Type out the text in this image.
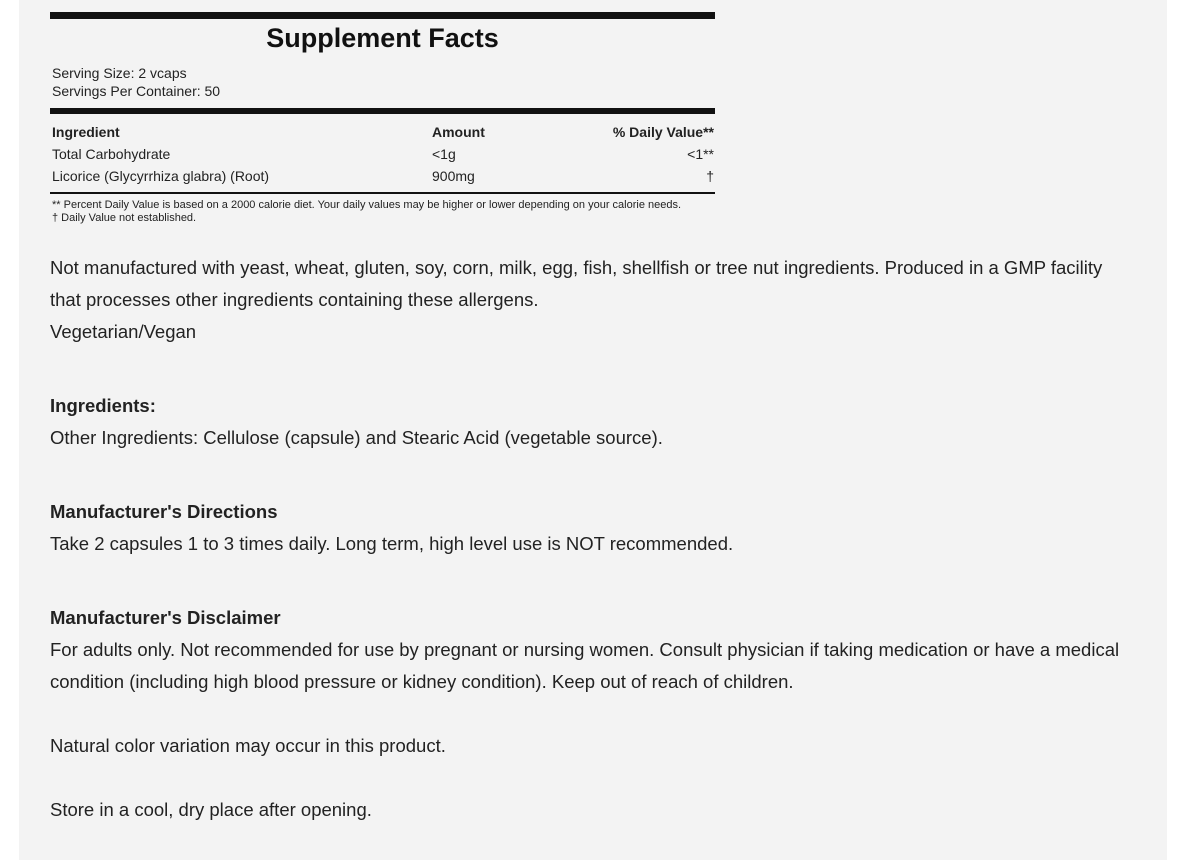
Supplement Facts
Serving Size: 2 vcaps
Servings Per Container: 50
Ingredient	Amount	% Daily Value**
Total Carbohydrate	<1g	<1**
Licorice (Glycyrrhiza glabra) (Root)	900mg	†
** Percent Daily Value is based on a 2000 calorie diet. Your daily values may be higher or lower depending on your calorie needs.
† Daily Value not established.

Not manufactured with yeast, wheat, gluten, soy, corn, milk, egg, fish, shellfish or tree nut ingredients. Produced in a GMP facility that processes other ingredients containing these allergens.

Vegetarian/Vegan

Ingredients:

Other Ingredients: Cellulose (capsule) and Stearic Acid (vegetable source).

Manufacturer's Directions

Take 2 capsules 1 to 3 times daily. Long term, high level use is NOT recommended.

Manufacturer's Disclaimer

For adults only. Not recommended for use by pregnant or nursing women. Consult physician if taking medication or have a medical condition (including high blood pressure or kidney condition). Keep out of reach of children.

Natural color variation may occur in this product.

Store in a cool, dry place after opening.
